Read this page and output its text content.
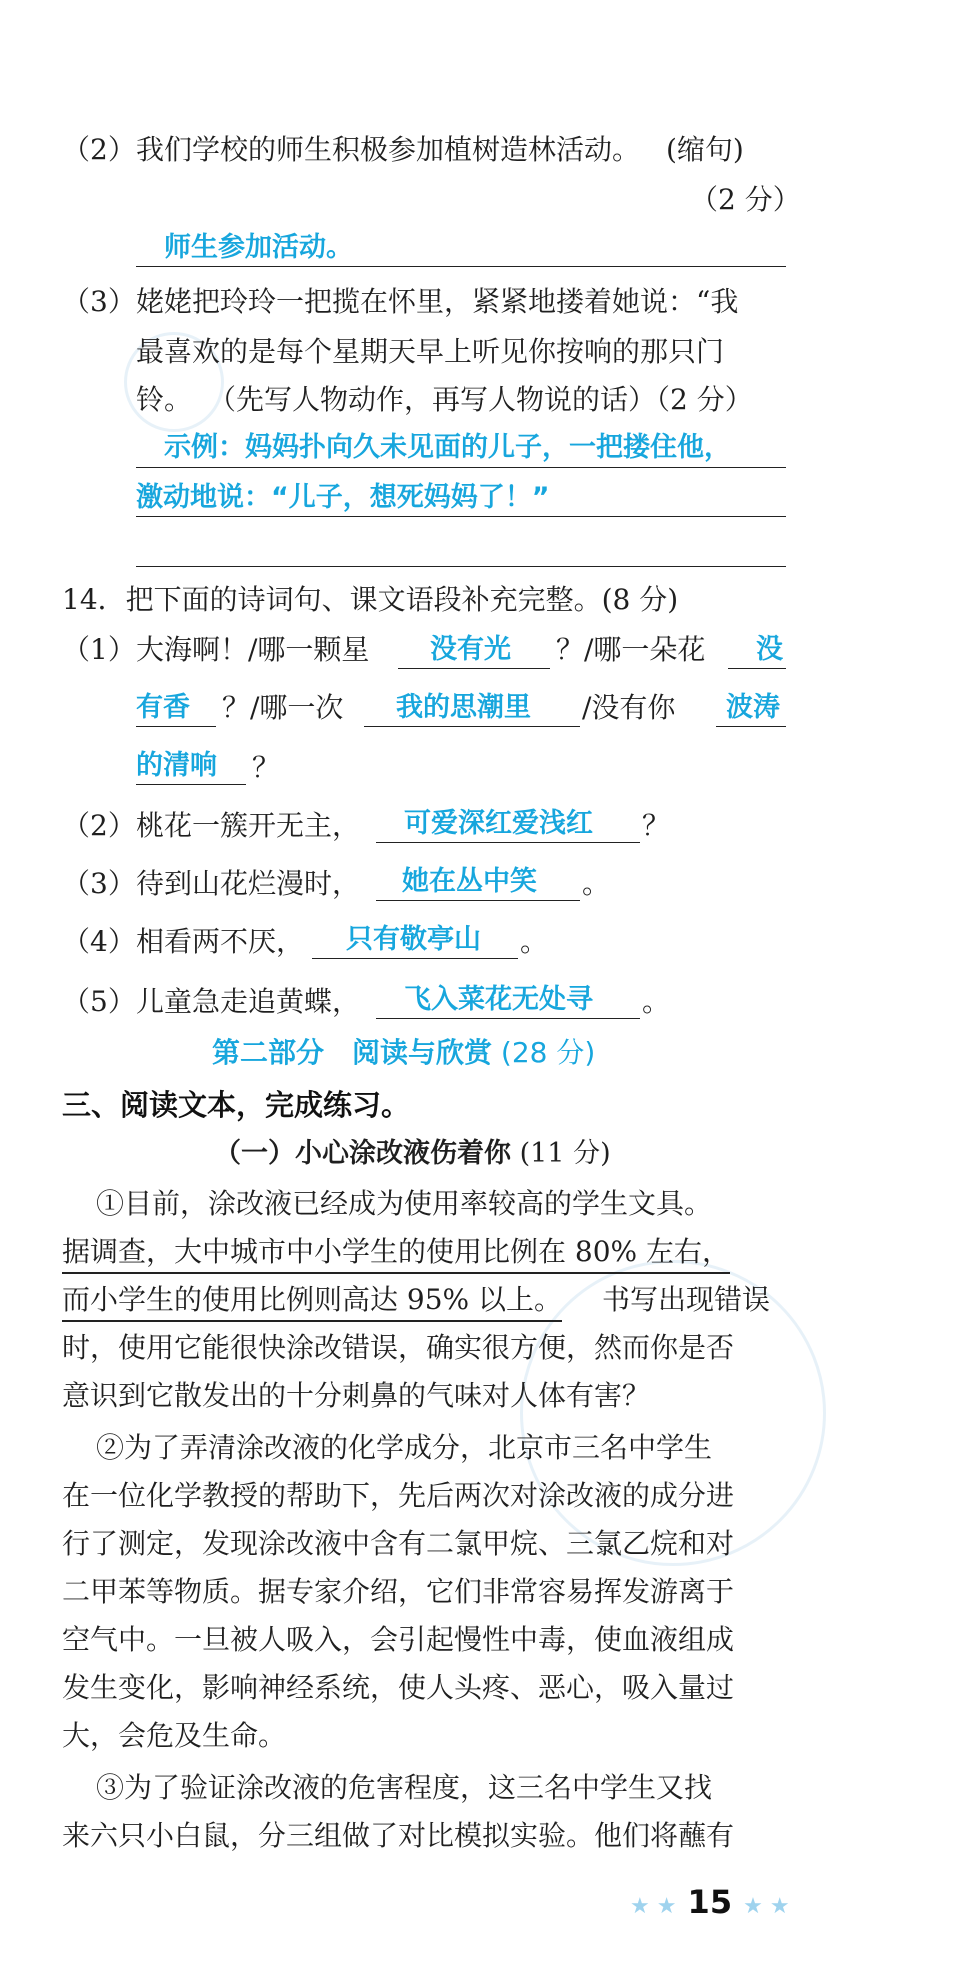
（2） 我们学校的师生积极参加植树造林活动。 (缩句)
（2 分）
师生参加活动。
（3） 姥姥把玲玲一把揽在怀里，紧紧地搂着她说：“我
最喜欢的是每个星期天早上听见你按响的那只门
铃。 （先写人物动作，再写人物说的话）（2 分）
示例：妈妈扑向久未见面的儿子，一把搂住他，
激动地说：“儿子，想死妈妈了！”
14．把下面的诗词句、课文语段补充完整。(8 分)
（1） 大海啊！/哪一颗星 没有光 ？/哪一朵花 没
有香 ？/哪一次 我的思潮里 /没有你 波涛
的清响 ？
（2） 桃花一簇开无主， 可爱深红爱浅红 ？
（3） 待到山花烂漫时， 她在丛中笑 。
（4） 相看两不厌， 只有敬亭山 。
（5） 儿童急走追黄蝶， 飞入菜花无处寻 。
第二部分　阅读与欣赏 (28 分)
三、阅读文本，完成练习。
（一）小心涂改液伤着你 (11 分)
①目前，涂改液已经成为使用率较高的学生文具。
据调查，大中城市中小学生的使用比例在 80% 左右，
而小学生的使用比例则高达 95% 以上。 书写出现错误
时，使用它能很快涂改错误，确实很方便，然而你是否
意识到它散发出的十分刺鼻的气味对人体有害？
②为了弄清涂改液的化学成分，北京市三名中学生
在一位化学教授的帮助下，先后两次对涂改液的成分进
行了测定，发现涂改液中含有二氯甲烷、三氯乙烷和对
二甲苯等物质。据专家介绍，它们非常容易挥发游离于
空气中。一旦被人吸入，会引起慢性中毒，使血液组成
发生变化，影响神经系统，使人头疼、恶心，吸入量过
大，会危及生命。
③为了验证涂改液的危害程度，这三名中学生又找
来六只小白鼠，分三组做了对比模拟实验。他们将蘸有
★ ★ 15 ★ ★
